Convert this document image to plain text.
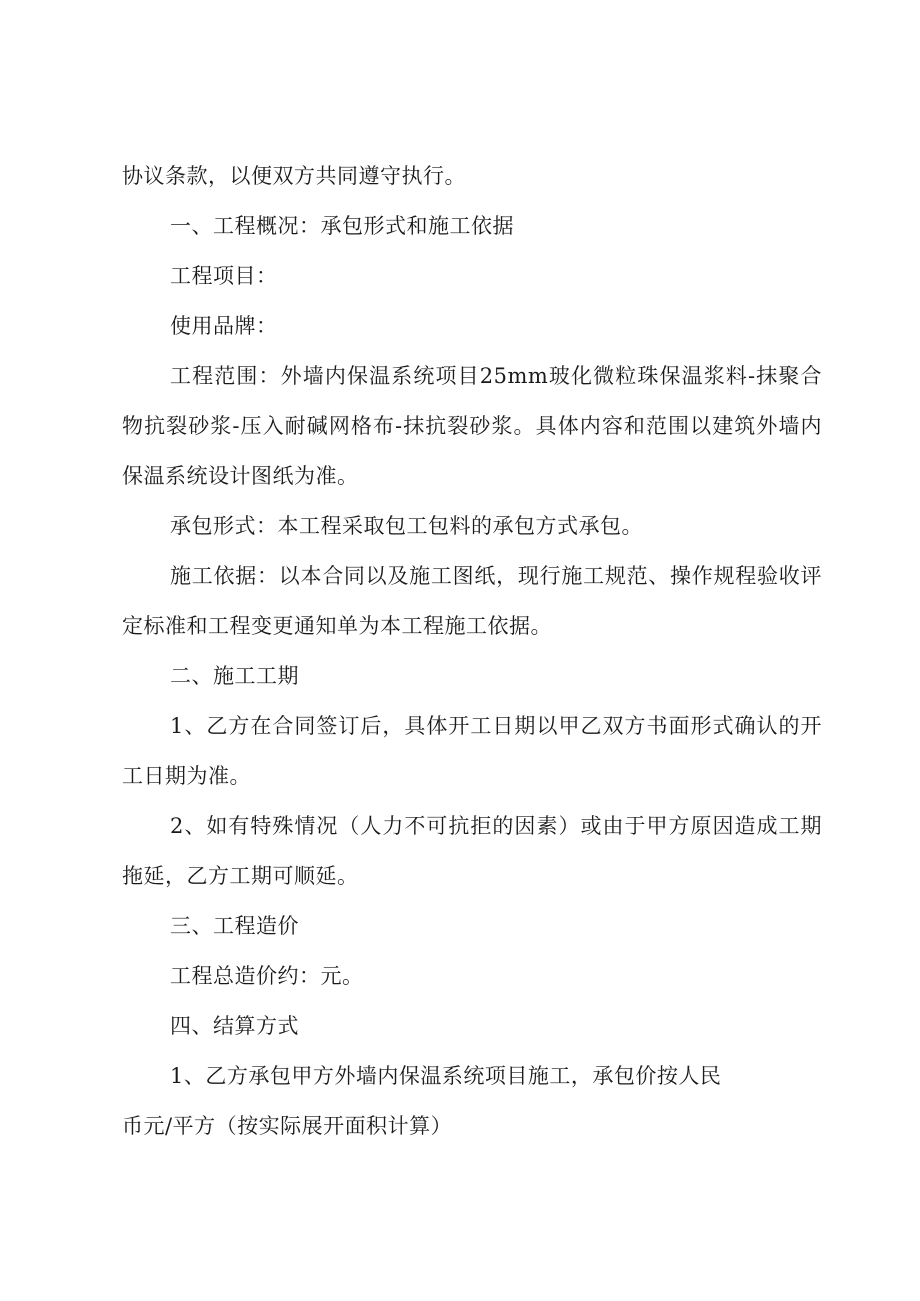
协议条款，以便双方共同遵守执行。

一、工程概况：承包形式和施工依据

工程项目：

使用品牌：

工程范围：外墙内保温系统项目25mm玻化微粒珠保温浆料-抹聚合物抗裂砂浆-压入耐碱网格布-抹抗裂砂浆。具体内容和范围以建筑外墙内保温系统设计图纸为准。

承包形式：本工程采取包工包料的承包方式承包。

施工依据：以本合同以及施工图纸，现行施工规范、操作规程验收评定标准和工程变更通知单为本工程施工依据。

二、施工工期

1、乙方在合同签订后，具体开工日期以甲乙双方书面形式确认的开工日期为准。

2、如有特殊情况（人力不可抗拒的因素）或由于甲方原因造成工期拖延，乙方工期可顺延。

三、工程造价

工程总造价约：元。

四、结算方式

1、乙方承包甲方外墙内保温系统项目施工，承包价按人民

币元/平方（按实际展开面积计算）
